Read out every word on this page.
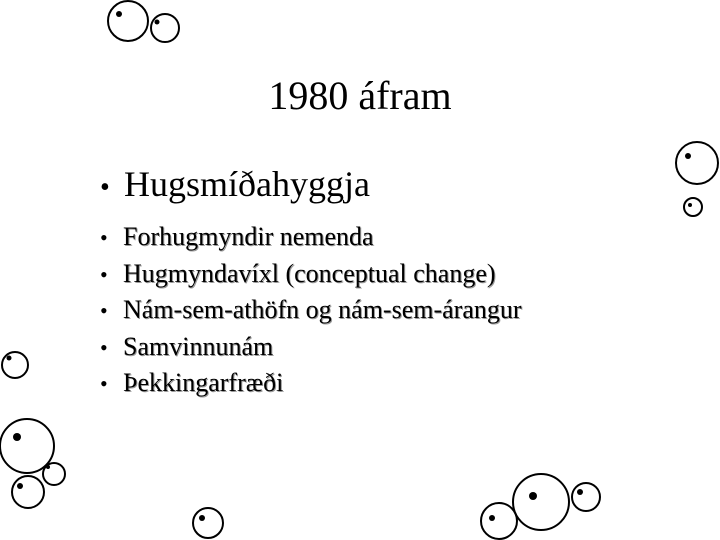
1980 áfram
• Hugsmíðahyggja
• Forhugmyndir nemenda
• Hugmyndavíxl (conceptual change)
• Nám-sem-athöfn og nám-sem-árangur
• Samvinnunám
• Þekkingarfræði
